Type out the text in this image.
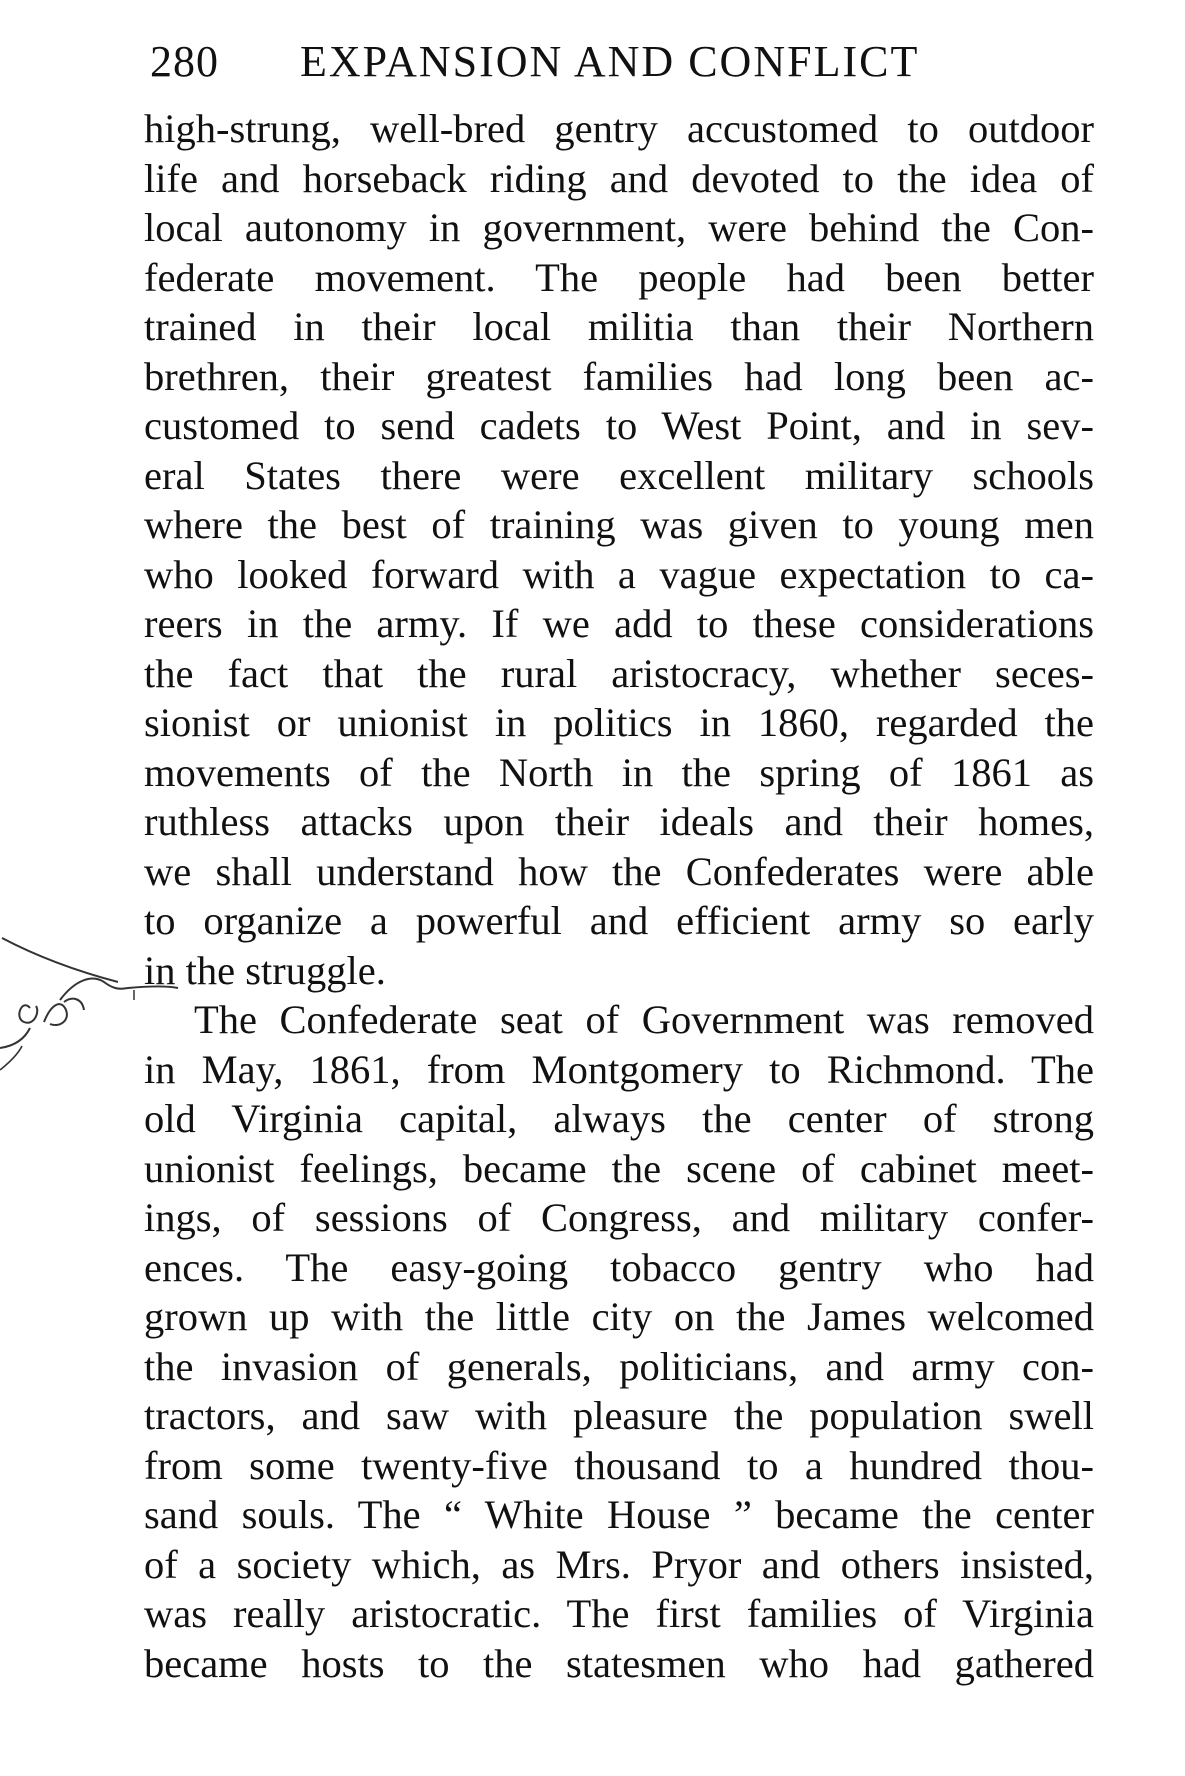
280 EXPANSION AND CONFLICT
high-strung, well-bred gentry accustomed to outdoor
life and horseback riding and devoted to the idea of
local autonomy in government, were behind the Con-
federate movement. The people had been better
trained in their local militia than their Northern
brethren, their greatest families had long been ac-
customed to send cadets to West Point, and in sev-
eral States there were excellent military schools
where the best of training was given to young men
who looked forward with a vague expectation to ca-
reers in the army. If we add to these considerations
the fact that the rural aristocracy, whether seces-
sionist or unionist in politics in 1860, regarded the
movements of the North in the spring of 1861 as
ruthless attacks upon their ideals and their homes,
we shall understand how the Confederates were able
to organize a powerful and efficient army so early
in the struggle.
The Confederate seat of Government was removed
in May, 1861, from Montgomery to Richmond. The
old Virginia capital, always the center of strong
unionist feelings, became the scene of cabinet meet-
ings, of sessions of Congress, and military confer-
ences. The easy-going tobacco gentry who had
grown up with the little city on the James welcomed
the invasion of generals, politicians, and army con-
tractors, and saw with pleasure the population swell
from some twenty-five thousand to a hundred thou-
sand souls. The “ White House ” became the center
of a society which, as Mrs. Pryor and others insisted,
was really aristocratic. The first families of Virginia
became hosts to the statesmen who had gathered
